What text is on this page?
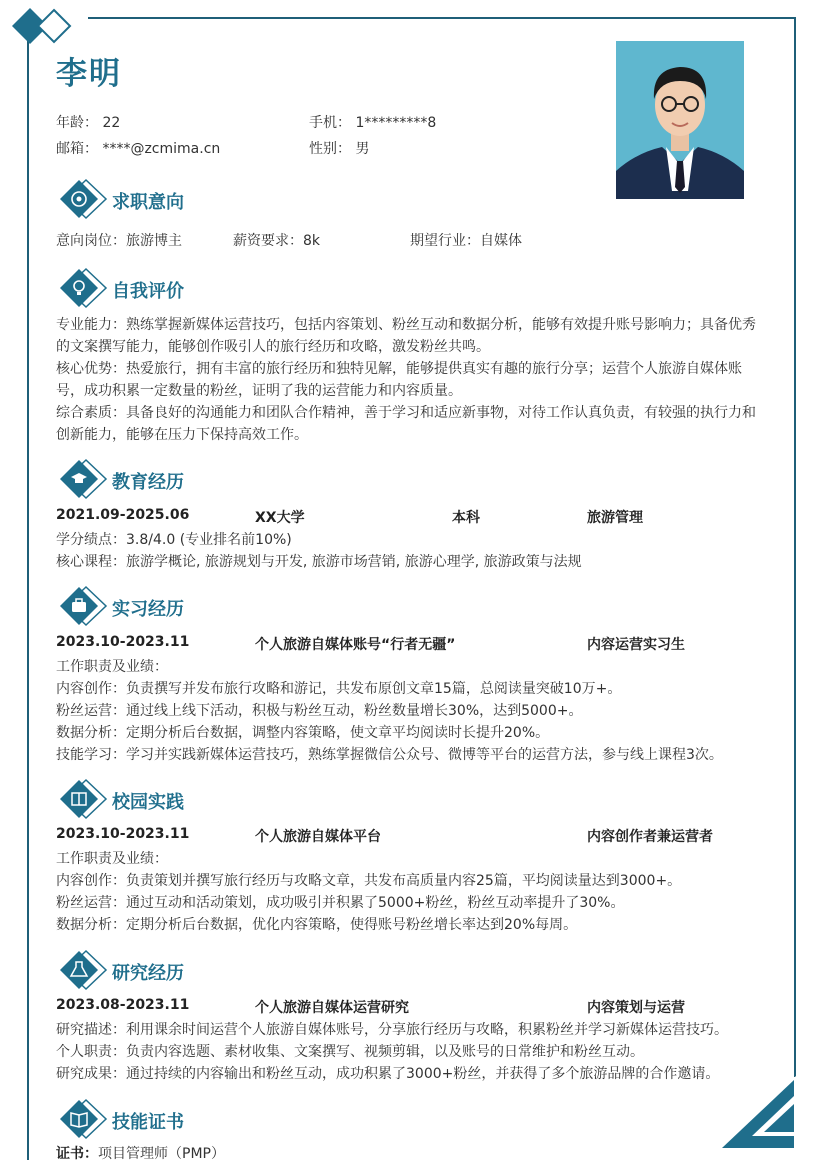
李明
年龄： 22	手机： 1*********8
邮箱： ****@zcmima.cn	性别： 男
求职意向
意向岗位：旅游博主	薪资要求：8k	期望行业：自媒体
自我评价
专业能力：熟练掌握新媒体运营技巧，包括内容策划、粉丝互动和数据分析，能够有效提升账号影响力；具备优秀的文案撰写能力，能够创作吸引人的旅行经历和攻略，激发粉丝共鸣。
核心优势：热爱旅行，拥有丰富的旅行经历和独特见解，能够提供真实有趣的旅行分享；运营个人旅游自媒体账号，成功积累一定数量的粉丝，证明了我的运营能力和内容质量。
综合素质：具备良好的沟通能力和团队合作精神，善于学习和适应新事物，对待工作认真负责，有较强的执行力和创新能力，能够在压力下保持高效工作。
教育经历
2021.09-2025.06	XX大学	本科	旅游管理
学分绩点：3.8/4.0 (专业排名前10%)
核心课程：旅游学概论, 旅游规划与开发, 旅游市场营销, 旅游心理学, 旅游政策与法规
实习经历
2023.10-2023.11	个人旅游自媒体账号“行者无疆”	内容运营实习生
工作职责及业绩：
内容创作：负责撰写并发布旅行攻略和游记，共发布原创文章15篇，总阅读量突破10万+。
粉丝运营：通过线上线下活动，积极与粉丝互动，粉丝数量增长30%，达到5000+。
数据分析：定期分析后台数据，调整内容策略，使文章平均阅读时长提升20%。
技能学习：学习并实践新媒体运营技巧，熟练掌握微信公众号、微博等平台的运营方法，参与线上课程3次。
校园实践
2023.10-2023.11	个人旅游自媒体平台	内容创作者兼运营者
工作职责及业绩：
内容创作：负责策划并撰写旅行经历与攻略文章，共发布高质量内容25篇，平均阅读量达到3000+。
粉丝运营：通过互动和活动策划，成功吸引并积累了5000+粉丝，粉丝互动率提升了30%。
数据分析：定期分析后台数据，优化内容策略，使得账号粉丝增长率达到20%每周。
研究经历
2023.08-2023.11	个人旅游自媒体运营研究	内容策划与运营
研究描述：利用课余时间运营个人旅游自媒体账号，分享旅行经历与攻略，积累粉丝并学习新媒体运营技巧。
个人职责：负责内容选题、素材收集、文案撰写、视频剪辑，以及账号的日常维护和粉丝互动。
研究成果：通过持续的内容输出和粉丝互动，成功积累了3000+粉丝，并获得了多个旅游品牌的合作邀请。
技能证书
证书：项目管理师（PMP）
